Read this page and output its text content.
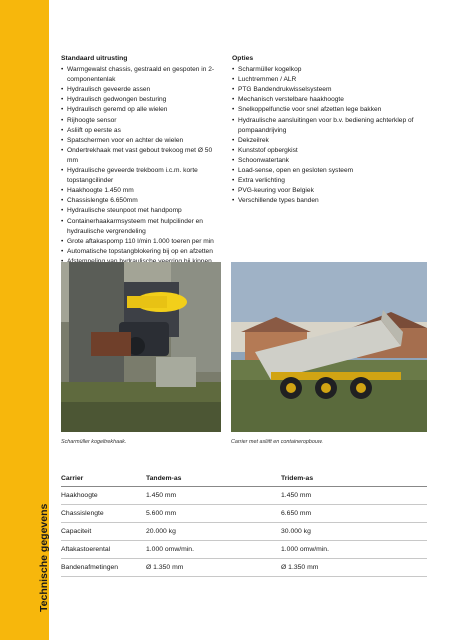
Technische gegevens
Standaard uitrusting
• Warmgewalst chassis, gestraald en gespoten in 2-componentenlak
• Hydraulisch geveerde assen
• Hydraulisch gedwongen besturing
• Hydraulisch geremd op alle wielen
• Rijhoogte sensor
• Asliift op eerste as
• Spatschermen voor en achter de wielen
• Ondertrekhaak met vast gebout trekoog met Ø 50 mm
• Hydraulische geveerde trekboom i.c.m. korte topstangcilinder
• Haakhoogte 1.450 mm
• Chassislengte 6.650mm
• Hydraulische steunpoot met handpomp
• Containerhaakarmsysteem met hulpcilinder en hydraulische vergrendeling
• Grote aftakaspomp 110 l/min 1.000 toeren per min
• Automatische topstangblokering bij op en afzetten
•
•
•
•
Opties
• Scharmüller kogelkop
• Luchtremmen / ALR
• PTG Bandendrukwisselsysteem
• Mechanisch verstelbare haakhoogte
• Snelkoppelfunctie voor snel afzetten lege bakken
• Hydraulische aansluitingen voor b.v. bediening achterklep of pompaandrijving
• Dekzeilrek
• Kunststof opbergkist
• Schoonwatertank
• Load-sense, open en gesloten systeem
• Extra verlichting
• PVG-keuring voor Belgiek
• Verschillende types banden
Scharmüller kogeltrekhaak.	Carrier met asliift en containeropbouw.
Carrier	Tandem-as	Tridem-as
Haakhoogte	1.450 mm	1.450 mm
Chassislengte	5.600 mm	6.650 mm
Capaciteit	20.000 kg	30.000 kg
Aftakastoerental	1.000 omw/min.	1.000 omw/min.
Bandenafmetingen	Ø 1.350 mm	Ø 1.350 mm
